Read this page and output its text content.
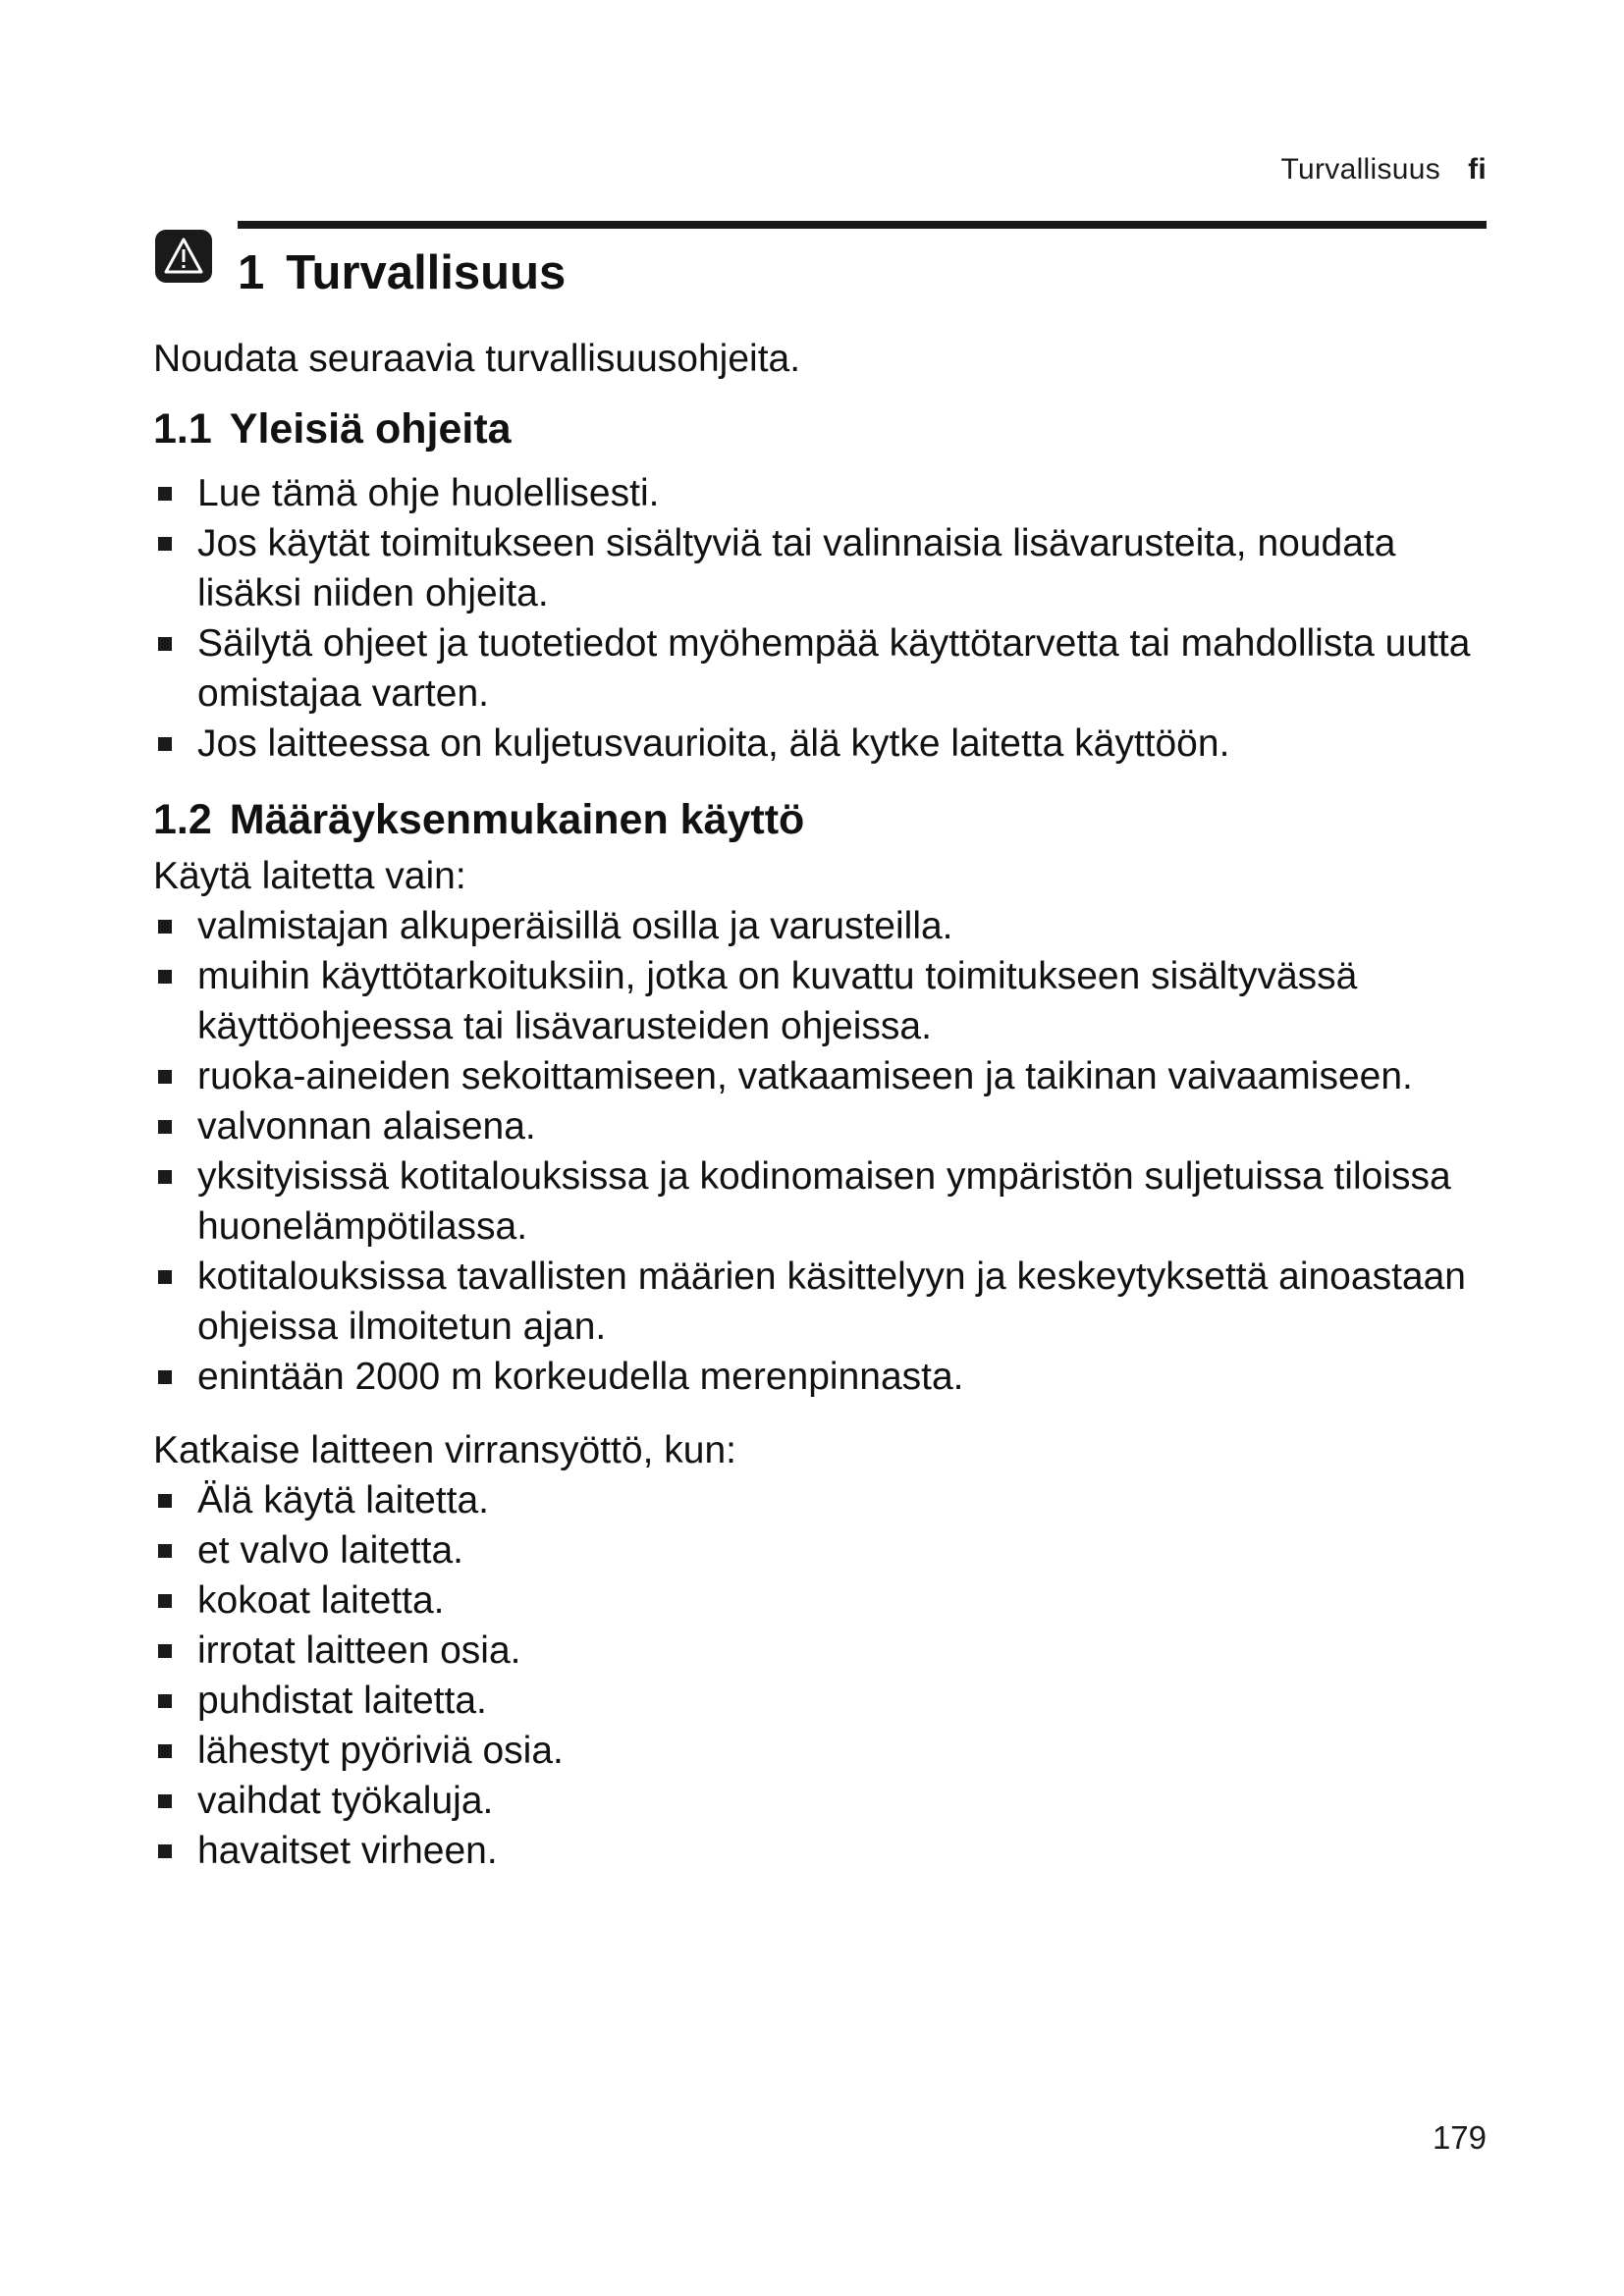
Turvallisuus fi
1 Turvallisuus

Noudata seuraavia turvallisuusohjeita.

1.1 Yleisiä ohjeita
Lue tämä ohje huolellisesti.
Jos käytät toimitukseen sisältyviä tai valinnaisia lisävarusteita, noudata lisäksi niiden ohjeita.
Säilytä ohjeet ja tuotetiedot myöhempää käyttötarvetta tai mahdollista uutta omistajaa varten.
Jos laitteessa on kuljetusvaurioita, älä kytke laitetta käyttöön.
1.2 Määräyksenmukainen käyttö

Käytä laitetta vain:

valmistajan alkuperäisillä osilla ja varusteilla.
muihin käyttötarkoituksiin, jotka on kuvattu toimitukseen sisältyvässä käyttöohjeessa tai lisävarusteiden ohjeissa.
ruoka-aineiden sekoittamiseen, vatkaamiseen ja taikinan vaivaamiseen.
valvonnan alaisena.
yksityisissä kotitalouksissa ja kodinomaisen ympäristön suljetuissa tiloissa huonelämpötilassa.
kotitalouksissa tavallisten määrien käsittelyyn ja keskeytyksettä ainoastaan ohjeissa ilmoitetun ajan.
enintään 2000 m korkeudella merenpinnasta.

Katkaise laitteen virransyöttö, kun:

Älä käytä laitetta.
et valvo laitetta.
kokoat laitetta.
irrotat laitteen osia.
puhdistat laitetta.
lähestyt pyöriviä osia.
vaihdat työkaluja.
havaitset virheen.
179
